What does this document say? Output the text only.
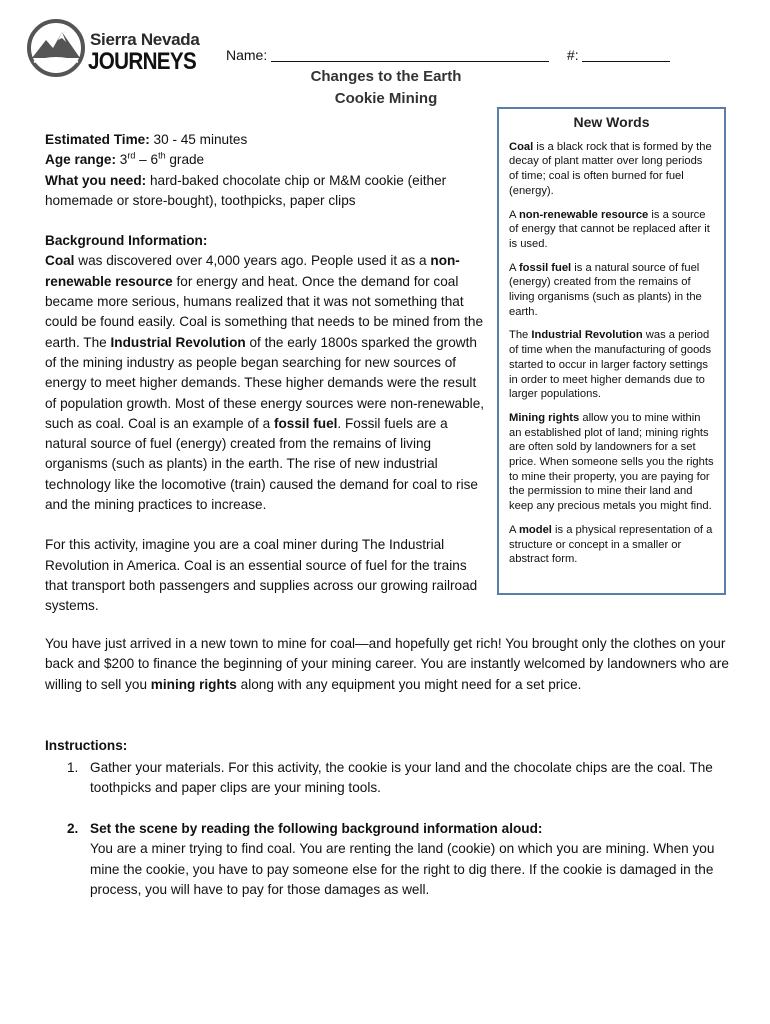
Sierra Nevada
JOURNEYS Name:	#:
Changes to the Earth
Cookie Mining

Estimated Time: 30 - 45 minutes

Age range: 3rd – 6th grade

What you need: hard-baked chocolate chip or M&M cookie (either homemade or store-bought), toothpicks, paper clips

Background Information:

Coal was discovered over 4,000 years ago. People used it as a non-renewable resource for energy and heat. Once the demand for coal became more serious, humans realized that it was not something that could be found easily. Coal is something that needs to be mined from the earth. The Industrial Revolution of the early 1800s sparked the growth of the mining industry as people began searching for new sources of energy to meet higher demands. These higher demands were the result of population growth. Most of these energy sources were non-renewable, such as coal. Coal is an example of a fossil fuel. Fossil fuels are a natural source of fuel (energy) created from the remains of living organisms (such as plants) in the earth. The rise of new industrial technology like the locomotive (train) caused the demand for coal to rise and the mining practices to increase.

For this activity, imagine you are a coal miner during The Industrial Revolution in America. Coal is an essential source of fuel for the trains that transport both passengers and supplies across our growing railroad systems.

New Words

Coal is a black rock that is formed by the decay of plant matter over long periods of time; coal is often burned for fuel (energy).

A non-renewable resource is a source of energy that cannot be replaced after it is used.

A fossil fuel is a natural source of fuel (energy) created from the remains of living organisms (such as plants) in the earth.

The Industrial Revolution was a period of time when the manufacturing of goods started to occur in larger factory settings in order to meet higher demands due to larger populations.

Mining rights allow you to mine within an established plot of land; mining rights are often sold by landowners for a set price. When someone sells you the rights to mine their property, you are paying for the permission to mine their land and keep any precious metals you might find.

A model is a physical representation of a structure or concept in a smaller or abstract form.

You have just arrived in a new town to mine for coal—and hopefully get rich! You brought only the clothes on your back and $200 to finance the beginning of your mining career. You are instantly welcomed by landowners who are willing to sell you mining rights along with any equipment you might need for a set price.

Instructions:
1. Gather your materials. For this activity, the cookie is your land and the chocolate chips are the coal. The toothpicks and paper clips are your mining tools.
2. Set the scene by reading the following background information aloud:
You are a miner trying to find coal. You are renting the land (cookie) on which you are mining. When you mine the cookie, you have to pay someone else for the right to dig there. If the cookie is damaged in the process, you will have to pay for those damages as well.
